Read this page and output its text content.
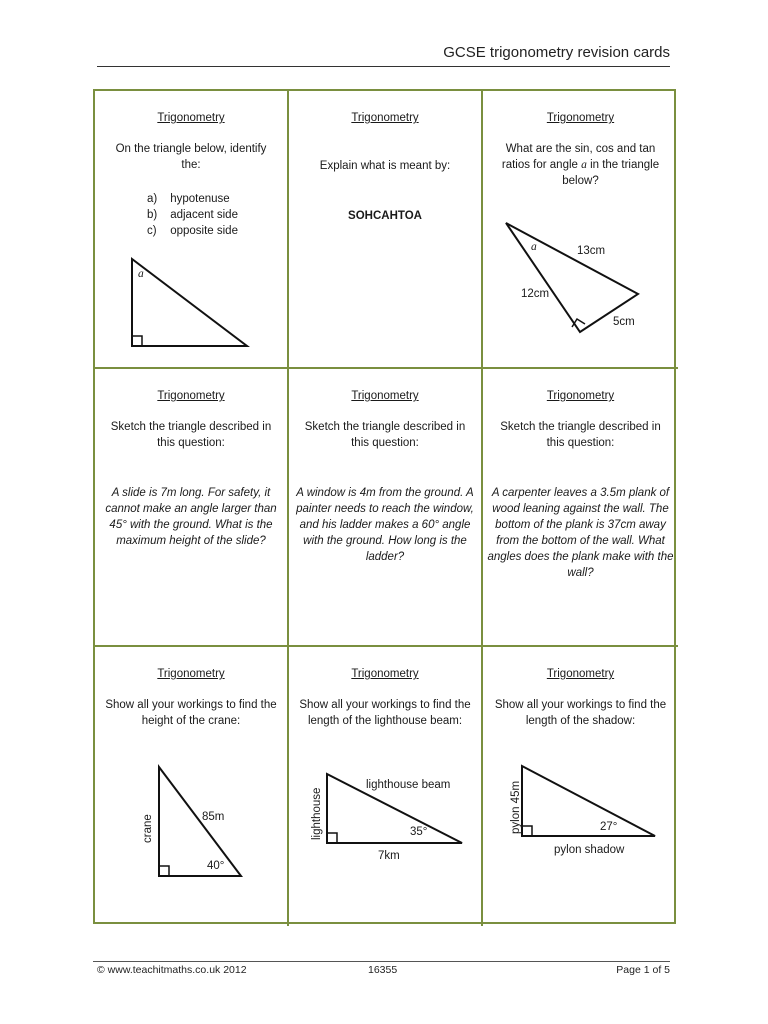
GCSE trigonometry revision cards
Trigonometry
On the triangle below, identify the:
a) hypotenuse
b) adjacent side
c) opposite side
a
Trigonometry
Explain what is meant by:
SOHCAHTOA
Trigonometry
What are the sin, cos and tan ratios for angle a in the triangle below?
a	13cm
12cm
5cm
Trigonometry
Sketch the triangle described in this question:
A slide is 7m long. For safety, it cannot make an angle larger than 45° with the ground. What is the maximum height of the slide?
Trigonometry
Sketch the triangle described in this question:
A window is 4m from the ground. A painter needs to reach the window, and his ladder makes a 60° angle with the ground. How long is the ladder?
Trigonometry
Sketch the triangle described in this question:
A carpenter leaves a 3.5m plank of wood leaning against the wall. The bottom of the plank is 37cm away from the bottom of the wall. What angles does the plank make with the wall?
Trigonometry
Show all your workings to find the height of the crane:
crane	85m
40°
Trigonometry
Show all your workings to find the length of the lighthouse beam:
lighthouse
lighthouse beam
35°
7km
Trigonometry
Show all your workings to find the length of the shadow:
pylon 45m	27°
pylon shadow
© www.teachitmaths.co.uk 2012	16355	Page 1 of 5
